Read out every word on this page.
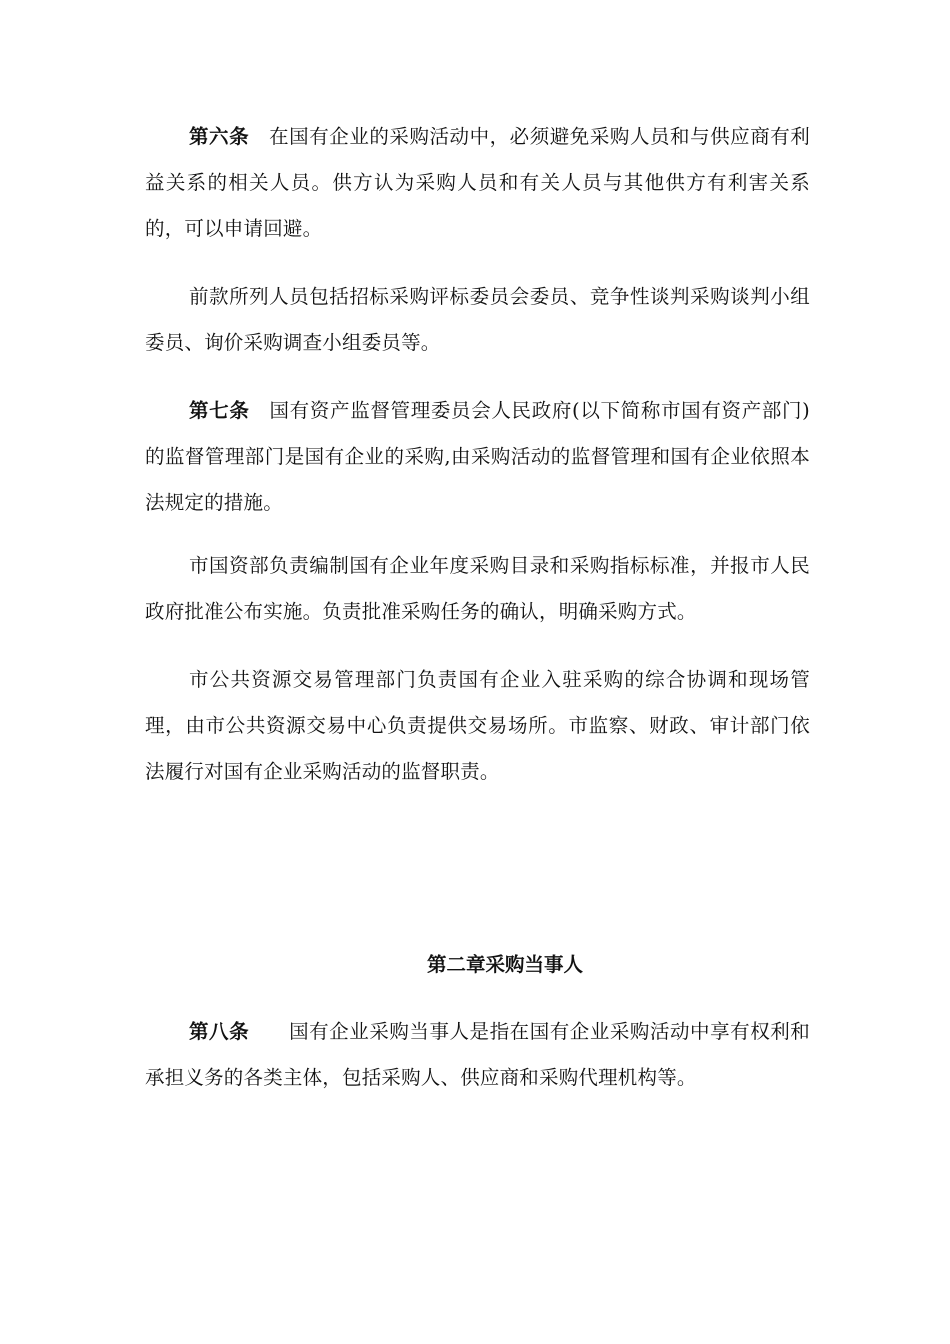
第六条 在国有企业的采购活动中，必须避免采购人员和与供应商有利益关系的相关人员。供方认为采购人员和有关人员与其他供方有利害关系的，可以申请回避。

前款所列人员包括招标采购评标委员会委员、竞争性谈判采购谈判小组委员、询价采购调查小组委员等。

第七条 国有资产监督管理委员会人民政府(以下简称市国有资产部门)的监督管理部门是国有企业的采购,由采购活动的监督管理和国有企业依照本法规定的措施。

市国资部负责编制国有企业年度采购目录和采购指标标准，并报市人民政府批准公布实施。负责批准采购任务的确认，明确采购方式。

市公共资源交易管理部门负责国有企业入驻采购的综合协调和现场管理，由市公共资源交易中心负责提供交易场所。市监察、财政、审计部门依法履行对国有企业采购活动的监督职责。

第二章采购当事人

第八条 国有企业采购当事人是指在国有企业采购活动中享有权利和承担义务的各类主体，包括采购人、供应商和采购代理机构等。
